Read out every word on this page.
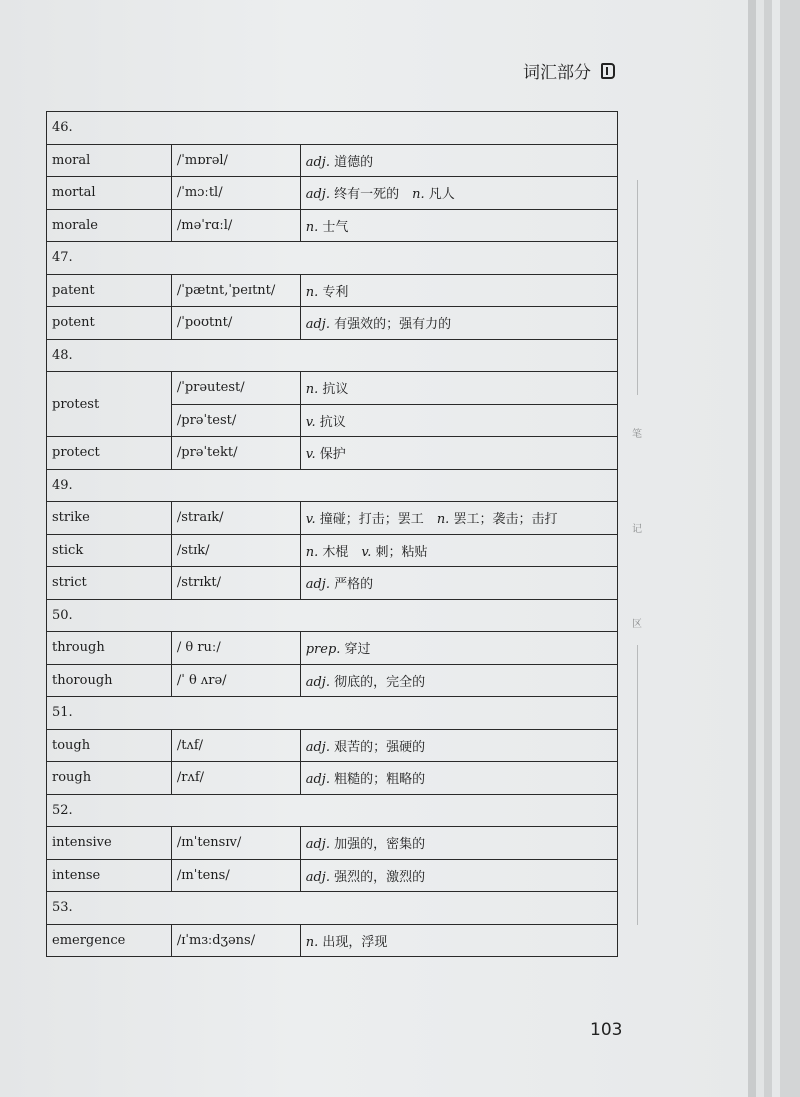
词汇部分
46.		
moral	/ˈmɒrəl/	adj. 道德的
mortal	/ˈmɔːtl/	adj. 终有一死的  n. 凡人
morale	/məˈrɑːl/	n. 士气
47.		
patent	/ˈpætnt,ˈpeɪtnt/	n. 专利
potent	/ˈpoʊtnt/	adj. 有强效的；强有力的
48.		
protest	/ˈprəutest/	n. 抗议
	/prəˈtest/	v. 抗议
protect	/prəˈtekt/	v. 保护
49.		
strike	/straɪk/	v. 撞碰；打击；罢工  n. 罢工；袭击；击打
stick	/stɪk/	n. 木棍  v. 刺；粘贴
strict	/strɪkt/	adj. 严格的
50.		
through	/ θ ruː/	prep. 穿过
thorough	/ˈ θ ʌrə/	adj. 彻底的，完全的
51.		
tough	/tʌf/	adj. 艰苦的；强硬的
rough	/rʌf/	adj. 粗糙的；粗略的
52.		
intensive	/ɪnˈtensɪv/	adj. 加强的，密集的
intense	/ɪnˈtens/	adj. 强烈的，激烈的
53.		
emergence	/ɪˈmɜːdʒəns/	n. 出现，浮现
笔
记
区
103
